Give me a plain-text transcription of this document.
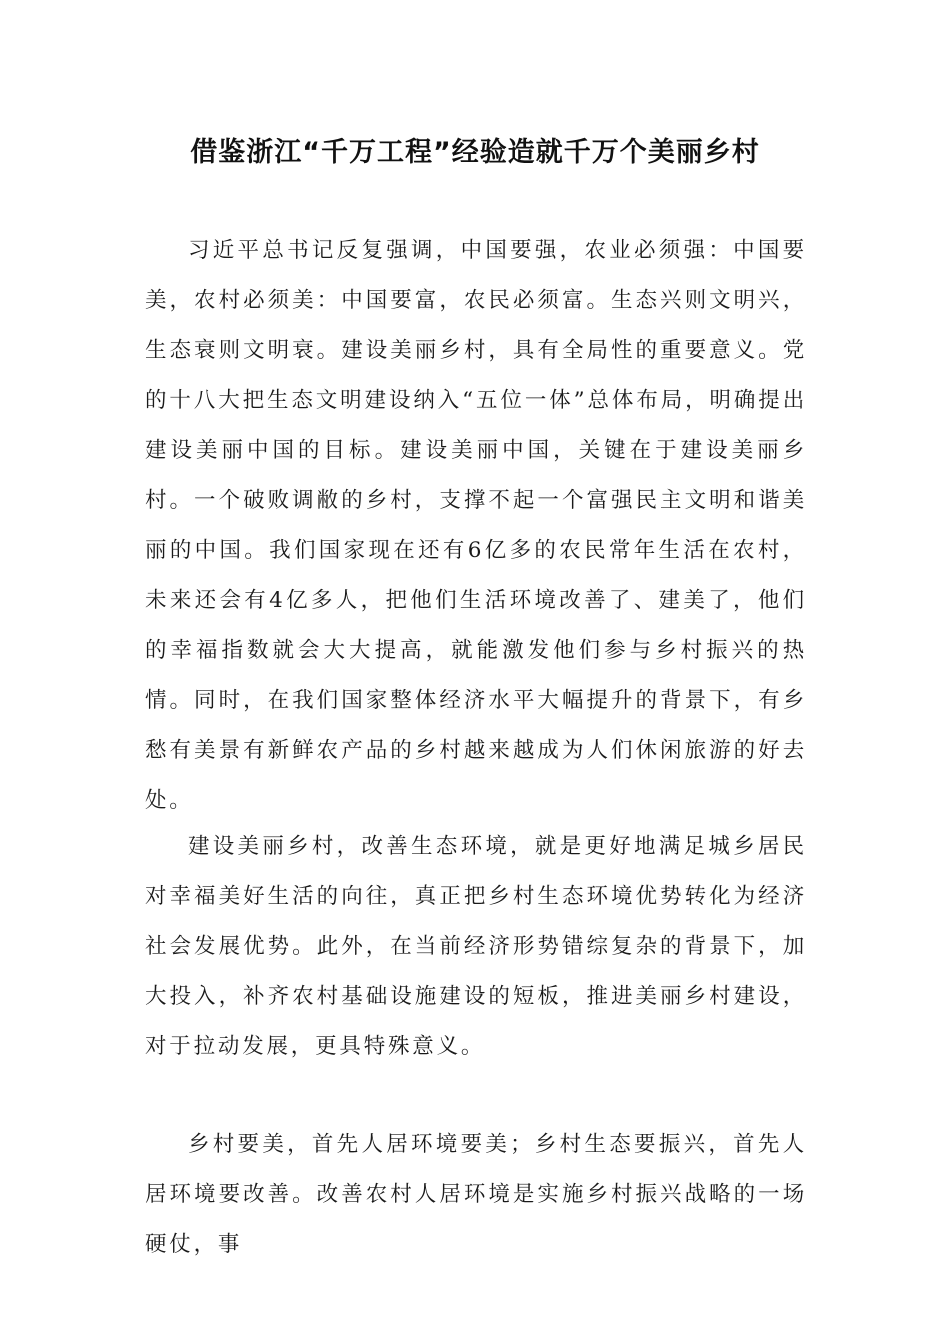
借鉴浙江“千万工程”经验造就千万个美丽乡村

习近平总书记反复强调，中国要强，农业必须强：中国要美，农村必须美：中国要富，农民必须富。生态兴则文明兴，生态衰则文明衰。建设美丽乡村，具有全局性的重要意义。党的十八大把生态文明建设纳入“五位一体”总体布局，明确提出建设美丽中国的目标。建设美丽中国，关键在于建设美丽乡村。一个破败调敝的乡村，支撑不起一个富强民主文明和谐美丽的中国。我们国家现在还有6亿多的农民常年生活在农村，未来还会有4亿多人，把他们生活环境改善了、建美了，他们的幸福指数就会大大提高，就能激发他们参与乡村振兴的热情。同时，在我们国家整体经济水平大幅提升的背景下，有乡愁有美景有新鲜农产品的乡村越来越成为人们休闲旅游的好去处。

建设美丽乡村，改善生态环境，就是更好地满足城乡居民对幸福美好生活的向往，真正把乡村生态环境优势转化为经济社会发展优势。此外，在当前经济形势错综复杂的背景下，加大投入，补齐农村基础设施建设的短板，推进美丽乡村建设，对于拉动发展，更具特殊意义。

乡村要美，首先人居环境要美；乡村生态要振兴，首先人居环境要改善。改善农村人居环境是实施乡村振兴战略的一场硬仗，事
